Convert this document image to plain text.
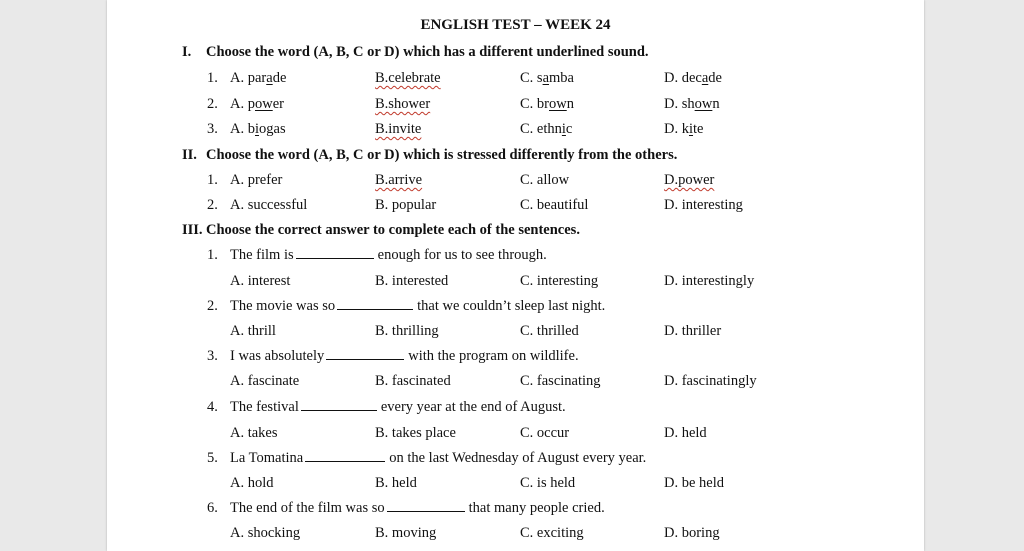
ENGLISH TEST – WEEK 24
I. Choose the word (A, B, C or D) which has a different underlined sound.
1. A. parade	B.celebrate	C. samba	D. decade
2. A. power	B.shower	C. brown	D. shown
3. A. biogas	B.invite	C. ethnic	D. kite
II. Choose the word (A, B, C or D) which is stressed differently from the others.
1. A. prefer	B.arrive	C. allow	D.power
2. A. successful	B. popular	C. beautiful	D. interesting
III. Choose the correct answer to complete each of the sentences.
1. The film is	enough for us to see through.
A. interest	B. interested	C. interesting	D. interestingly
2. The movie was so	that we couldn’t sleep last night.
A. thrill	B. thrilling	C. thrilled	D. thriller
3. I was absolutely	with the program on wildlife.
A. fascinate	B. fascinated	C. fascinating	D. fascinatingly
4. The festival	every year at the end of August.
A. takes	B. takes place	C. occur	D. held
5. La Tomatina	on the last Wednesday of August every year.
A. hold	B. held	C. is held	D. be held
6. The end of the film was so	that many people cried.
A. shocking	B. moving	C. exciting	D. boring
